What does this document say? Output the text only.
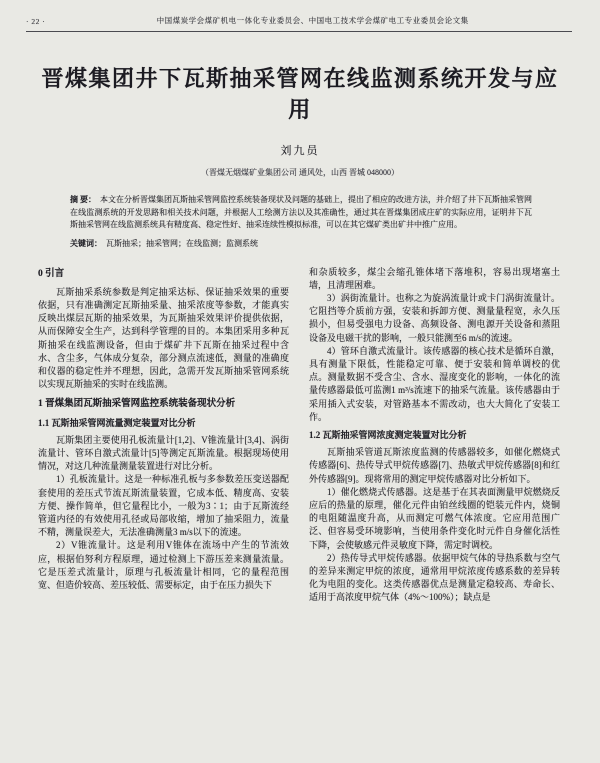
· 22 ·	中国煤炭学会煤矿机电一体化专业委员会、中国电工技术学会煤矿电工专业委员会论文集
晋煤集团井下瓦斯抽采管网在线监测系统开发与应用
刘九员
（晋煤无烟煤矿业集团公司 通风处，山西 晋城 048000）
摘 要： 本文在分析晋煤集团瓦斯抽采管网监控系统装备现状及问题的基础上，提出了相应的改进方法，并介绍了井下瓦斯抽采管网在线监测系统的开发思路和相关技术问题，并根据人工绘测方法以及其准确性，通过其在晋煤集团成庄矿的实际应用，证明井下瓦斯抽采管网在线监测系统具有精度高、稳定性好、抽采连续性模拟标准，可以在其它煤矿类出矿井中推广应用。
关键词： 瓦斯抽采；抽采管网；在线监测；监测系统
0 引言

瓦斯抽采系统参数是判定抽采达标、保证抽采效果的重要依据，只有准确测定瓦斯抽采量、抽采浓度等参数，才能真实反映出煤层瓦斯的抽采效果，为瓦斯抽采效果评价提供依据，从而保障安全生产，达到科学管理的目的。本集团采用多种瓦斯抽采在线监测设备，但由于煤矿井下瓦斯在抽采过程中含水、含尘多，气体成分复杂，部分测点流速低，测量的准确度和仪器的稳定性并不理想，因此，急需开发瓦斯抽采管网系统以实现瓦斯抽采的实时在线监测。

1 晋煤集团瓦斯抽采管网监控系统装备现状分析
1.1 瓦斯抽采管网流量测定装置对比分析

瓦斯集团主要使用孔板流量计[1,2]、V锥流量计[3,4]、涡街流量计、管环自激式流量计[5]等测定瓦斯流量。根据现场使用情况，对这几种流量测量装置进行对比分析。

1）孔板流量计。这是一种标准孔板与多参数差压变送器配套使用的差压式节流瓦斯流量装置，它成本低、精度高、安装方便、操作简单，但它量程比小，一般为3∶1；由于瓦斯流经管道内径的有效使用孔径或局部收缩，增加了抽采阻力，流量不精，测量误差大，无法准确测量3 m/s以下的流速。

2）V锥流量计。这是利用V锥体在流场中产生的节流效应，根据伯努利方程原理，通过检测上下游压差来测量流量。它是压差式流量计，原理与孔板流量计相同，它的量程范围宽、但造价较高、差压较低、需要标定，由于在压力损失下

和杂质较多，煤尘会缩孔锥体堵下落堆积，容易出现堵塞土墙，且清理困难。

3）涡街流量计。也称之为旋涡流量计或卡门涡街流量计。它阻挡等介质前方强，安装和拆卸方便、测量量程宽，永久压损小，但易受强电力设备、高频设备、测电源开关设备和蒸阻设备及电磁干扰的影响，一般只能测至6 m/s的流速。

4）管环自激式流量计。该传感器的核心技术是循环自激，具有测量下限低，性能稳定可靠、便于安装和简单调校的优点。测量数据不受含尘、含水、湿度变化的影响，一体化的流量传感器最低可监测1 m³/s流速下的抽采气流量。该传感器由于采用插入式安装，对管路基本不需改动，也大大简化了安装工作。

1.2 瓦斯抽采管网浓度测定装置对比分析

瓦斯抽采管道瓦斯浓度监测的传感器较多，如催化燃烧式传感器[6]、热传导式甲烷传感器[7]、热敏式甲烷传感器[8]和红外传感器[9]。现将常用的测定甲烷传感器对比分析如下。

1）催化燃烧式传感器。这是基于在其表面测量甲烷燃烧反应后的热量的原理，催化元件由铂丝线圈的铠装元件内，烧铜的电阻随温度升高，从而测定可燃气体浓度。它应用范围广泛、但容易受环境影响，当使用条件变化时元件自身催化活性下降，会使敏感元件灵敏度下降，需定时调校。

2）热传导式甲烷传感器。依据甲烷气体的导热系数与空气的差异来测定甲烷的浓度，通常用甲烷浓度传感系数的差异转化为电阻的变化。这类传感器优点是测量定稳较高、寿命长、适用于高浓度甲烷气体（4%～100%）；缺点是
